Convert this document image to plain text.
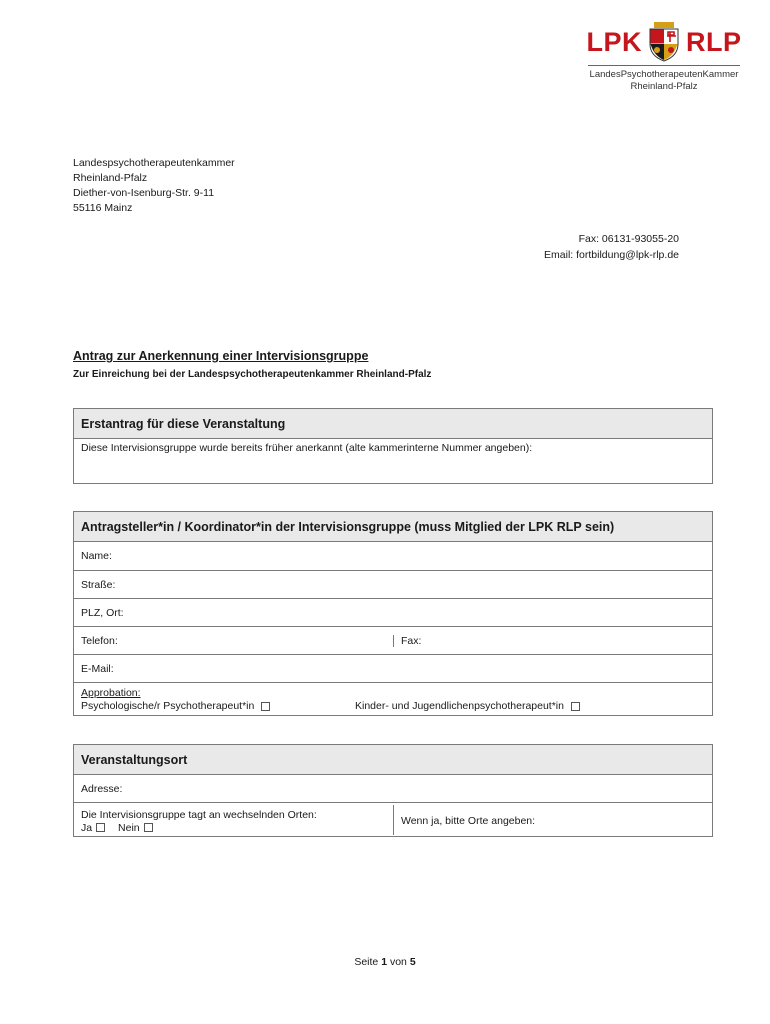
LPK RLP
LandesPsychotherapeutenKammer
Rheinland-Pfalz
Landespsychotherapeutenkammer
Rheinland-Pfalz
Diether-von-Isenburg-Str. 9-11
55116 Mainz
Fax: 06131-93055-20
Email: fortbildung@lpk-rlp.de
Antrag zur Anerkennung einer Intervisionsgruppe
Zur Einreichung bei der Landespsychotherapeutenkammer Rheinland-Pfalz
Erstantrag für diese Veranstaltung
Diese Intervisionsgruppe wurde bereits früher anerkannt (alte kammerinterne Nummer angeben):
Antragsteller*in / Koordinator*in der Intervisionsgruppe (muss Mitglied der LPK RLP sein)
Name:
Straße:
PLZ, Ort:
Telefon:	Fax:
E-Mail:
Approbation:
Psychologische/r Psychotherapeut*in	Kinder- und Jugendlichenpsychotherapeut*in
Veranstaltungsort
Adresse:
Die Intervisionsgruppe tagt an wechselnden Orten:
Ja Nein
Wenn ja, bitte Orte angeben:
Seite 1 von 5
